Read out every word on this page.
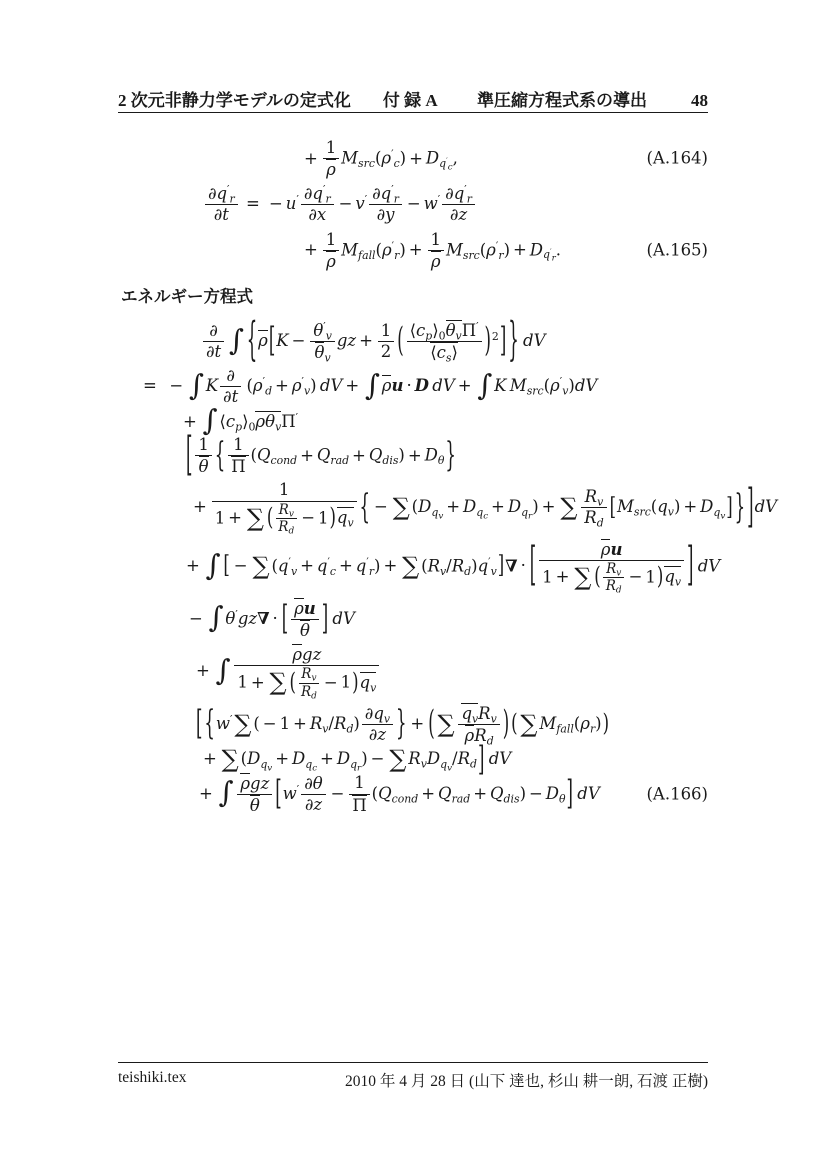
2 次元非静力学モデルの定式化 付 録 A 準圧縮方程式系の導出	48
+ $\frac{1}{\rho}$ Msrc(ρ′c) + $Dq'_c$,	(A.164)
$\frac{\partial q'r}{\partial t}$
  =  − $u' \frac{\partial q'r}{\partial x} - v' \frac{\partial q'r}{\partial y} - w' \frac{\partial q'r}{\partial z}$
+ $\frac{1}{\rho}$ Mfall(ρ′r) + $\frac{1}{\rho}$ Msrc(ρ′r) + $Dq'_r$.	(A.165)
エネルギー方程式
∂
∂t ∫ {$\rho[K - \frac{\theta'v}{\theta v}$ gz + $\frac{1}{2}$ ( ⟨cp⟩0θvΠ′
⟨cs⟩	)$^2$] }  dV
=   − ∫ K
∂
∂t
 (ρ′d + ρ′v)  dV + ∫ ρu · D  dV + ∫ K  Msrc(ρ′v)dV
+ ∫ ⟨cp⟩0ρθvΠ′
[ $\frac{1}{\theta}$ { $\frac{1}{\Pi}$ (Qcond + Qrad + Qdis) + Dθ}
+
1
1 + ∑ ( $\frac{Rv}{Rd} - 1)qv$ { − ∑ $(Dq_v + Dq_c + Dq_r)$ + ∑ $\frac{Rv}{Rd}$ [Msrc(qv) + $Dq_v$] } ]dV
+ ∫ [ − ∑ (q′v + q′c + q′r) + ∑ (Rv/Rd)q′v]∇ · [	ρu
1 + ∑ ( $\frac{Rv}{Rd} - 1)qv$ ]  dV
− ∫ θ′gz∇ · [ $\frac{\rho u}{\theta}$ ]  dV
+ ∫	ρgz
1 + ∑ ( $\frac{Rv}{Rd} - 1)qv$
[ {w′∑ ( − $1 + Rv/Rd) \frac{\partial qv}{\partial z}$ } + ( ∑ qvRv
ρRd ) ( ∑ Mfall(ρr))
+ ∑ $(Dq_v + Dq_c + Dq_r)$ − ∑ RvDq$_v$/Rd]  dV
+ ∫ ρgz
θ [$w' \frac{\partial\theta}{\partial z} - \frac{1}{\Pi}$ (Qcond + Qrad + Qdis) − Dθ]  dV	(A.166)
teishiki.tex	2010 年 4 月 28 日 (山下 達也, 杉山 耕一朗, 石渡 正樹)
